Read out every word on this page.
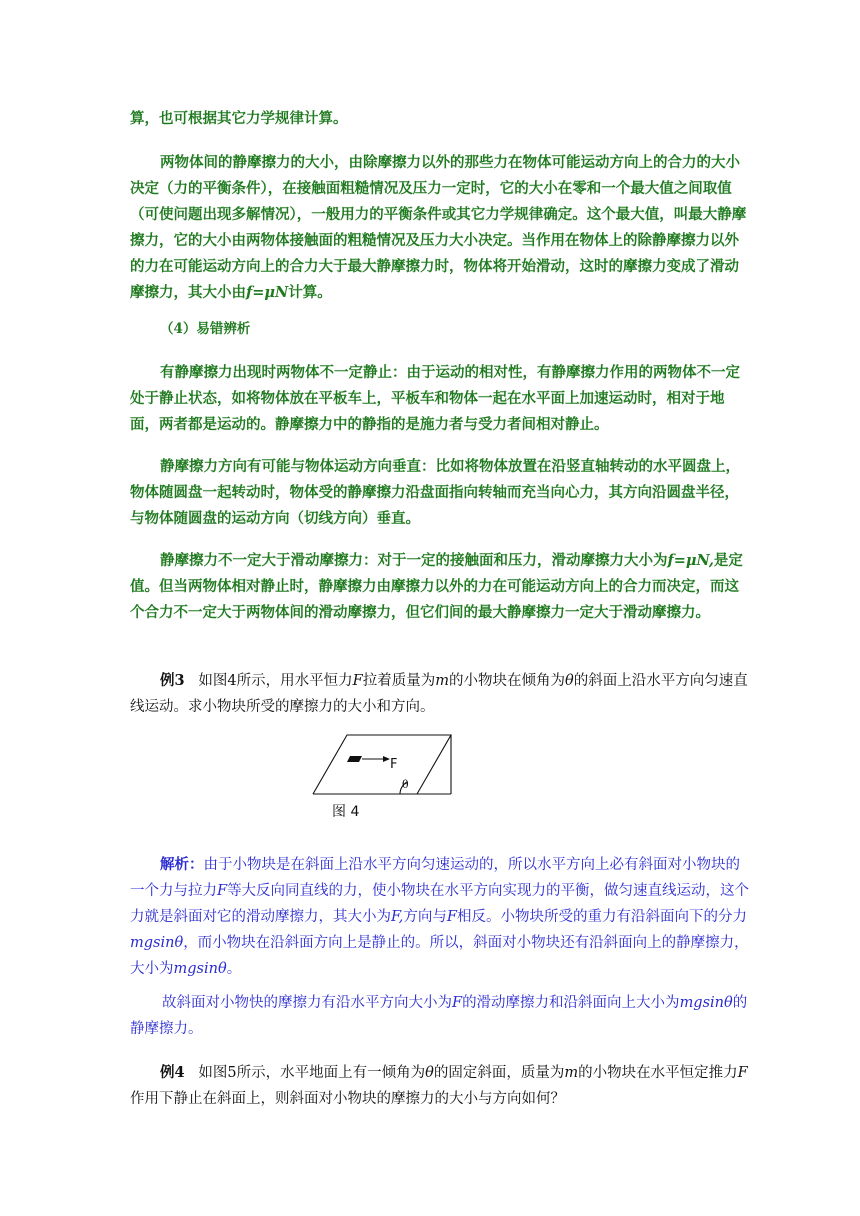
算，也可根据其它力学规律计算。

两物体间的静摩擦力的大小，由除摩擦力以外的那些力在物体可能运动方向上的合力的大小决定（力的平衡条件），在接触面粗糙情况及压力一定时，它的大小在零和一个最大值之间取值（可使问题出现多解情况），一般用力的平衡条件或其它力学规律确定。这个最大值，叫最大静摩擦力，它的大小由两物体接触面的粗糙情况及压力大小决定。当作用在物体上的除静摩擦力以外的力在可能运动方向上的合力大于最大静摩擦力时，物体将开始滑动，这时的摩擦力变成了滑动摩擦力，其大小由f=μN计算。

（4）易错辨析

有静摩擦力出现时两物体不一定静止：由于运动的相对性，有静摩擦力作用的两物体不一定处于静止状态，如将物体放在平板车上，平板车和物体一起在水平面上加速运动时，相对于地面，两者都是运动的。静摩擦力中的静指的是施力者与受力者间相对静止。

静摩擦力方向有可能与物体运动方向垂直：比如将物体放置在沿竖直轴转动的水平圆盘上，物体随圆盘一起转动时，物体受的静摩擦力沿盘面指向转轴而充当向心力，其方向沿圆盘半径，与物体随圆盘的运动方向（切线方向）垂直。

静摩擦力不一定大于滑动摩擦力：对于一定的接触面和压力，滑动摩擦力大小为f=μN,是定值。但当两物体相对静止时，静摩擦力由摩擦力以外的力在可能运动方向上的合力而决定，而这个合力不一定大于两物体间的滑动摩擦力，但它们间的最大静摩擦力一定大于滑动摩擦力。

例3 如图4所示，用水平恒力F拉着质量为m的小物块在倾角为θ的斜面上沿水平方向匀速直线运动。求小物块所受的摩擦力的大小和方向。

F
θ
图 4

解析：由于小物块是在斜面上沿水平方向匀速运动的，所以水平方向上必有斜面对小物块的一个力与拉力F等大反向同直线的力，使小物块在水平方向实现力的平衡，做匀速直线运动，这个力就是斜面对它的滑动摩擦力，其大小为F,方向与F相反。小物块所受的重力有沿斜面向下的分力mgsinθ，而小物块在沿斜面方向上是静止的。所以，斜面对小物块还有沿斜面向上的静摩擦力，大小为mgsinθ。

故斜面对小物快的摩擦力有沿水平方向大小为F的滑动摩擦力和沿斜面向上大小为mgsinθ的静摩擦力。

例4 如图5所示，水平地面上有一倾角为θ的固定斜面，质量为m的小物块在水平恒定推力F作用下静止在斜面上，则斜面对小物块的摩擦力的大小与方向如何？
